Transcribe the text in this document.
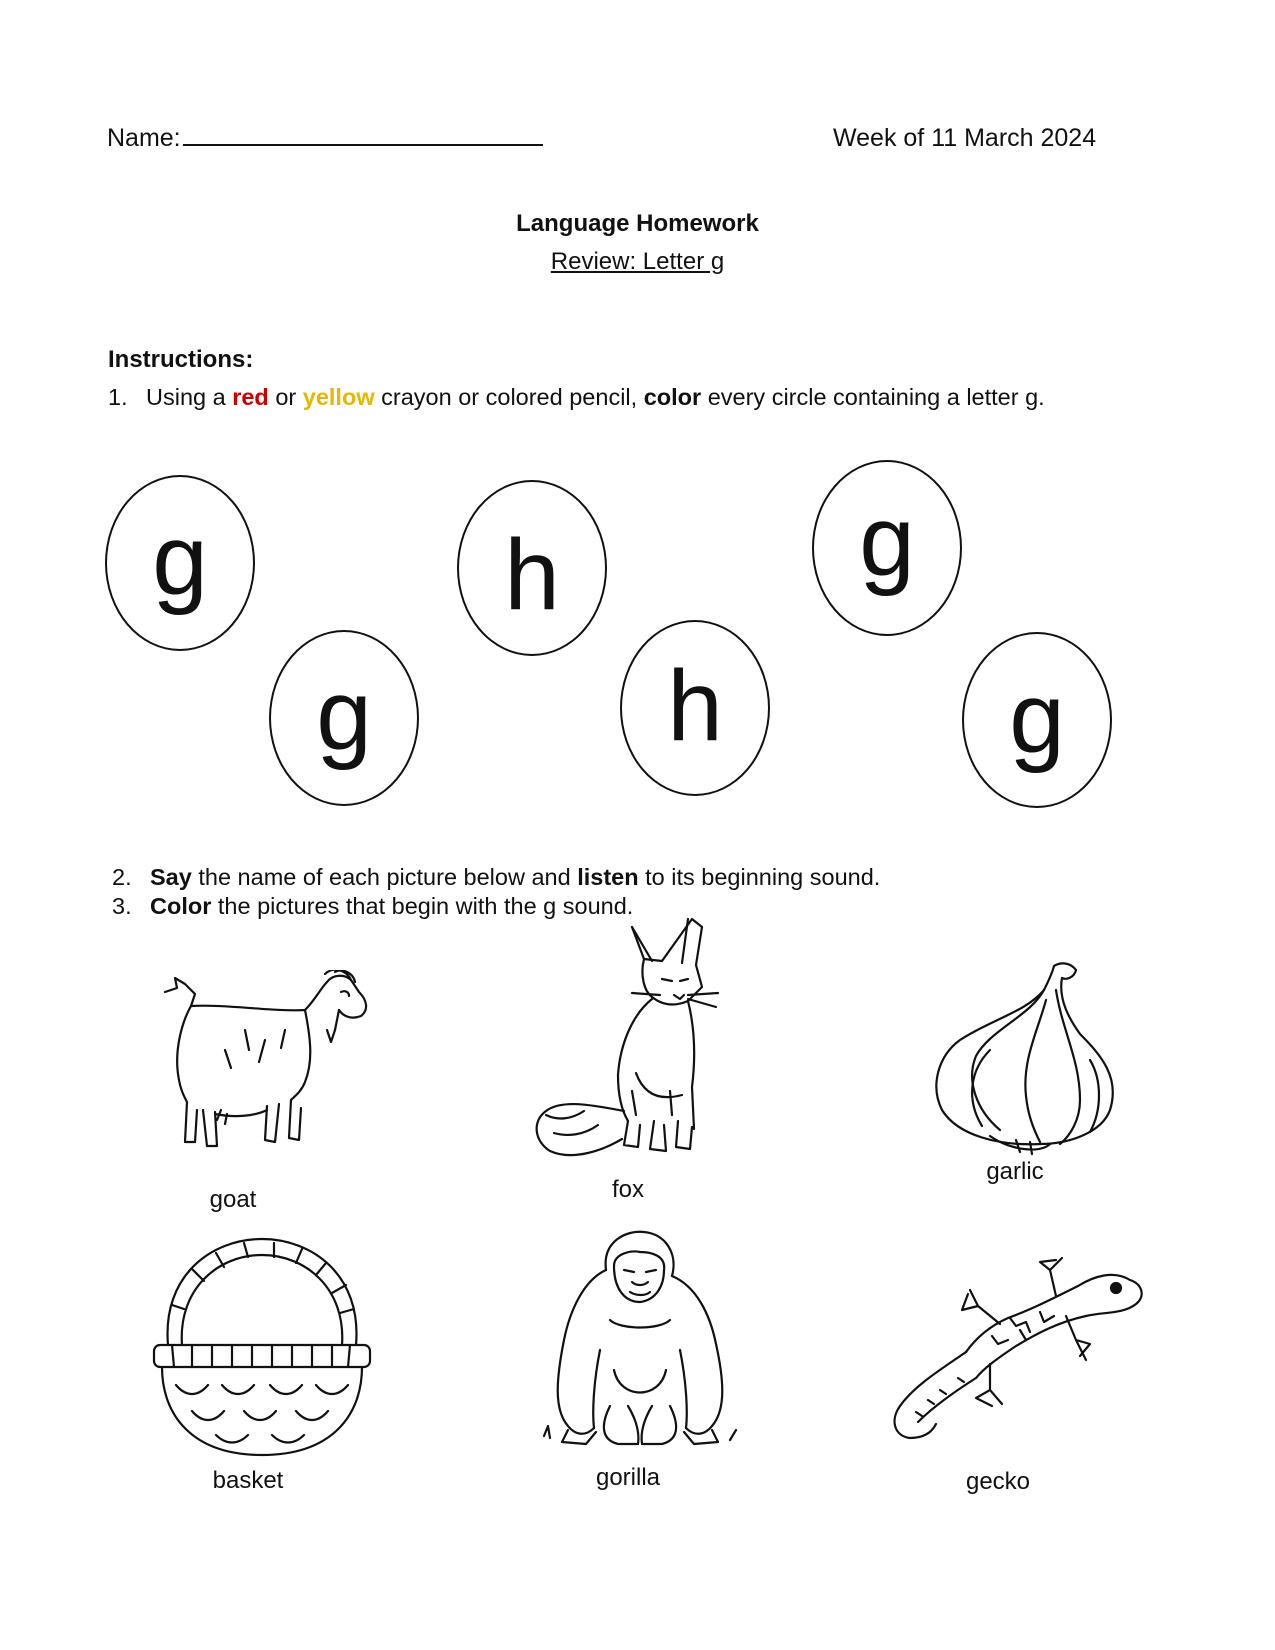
Name:	Week of 11 March 2024
Language Homework
Review: Letter g
Instructions:
1. Using a red or yellow crayon or colored pencil, color every circle containing a letter g.
g
g
h
h
g
g
2. Say the name of each picture below and listen to its beginning sound.
3. Color the pictures that begin with the g sound.
goat	fox
garlic
basket	gorilla	gecko
